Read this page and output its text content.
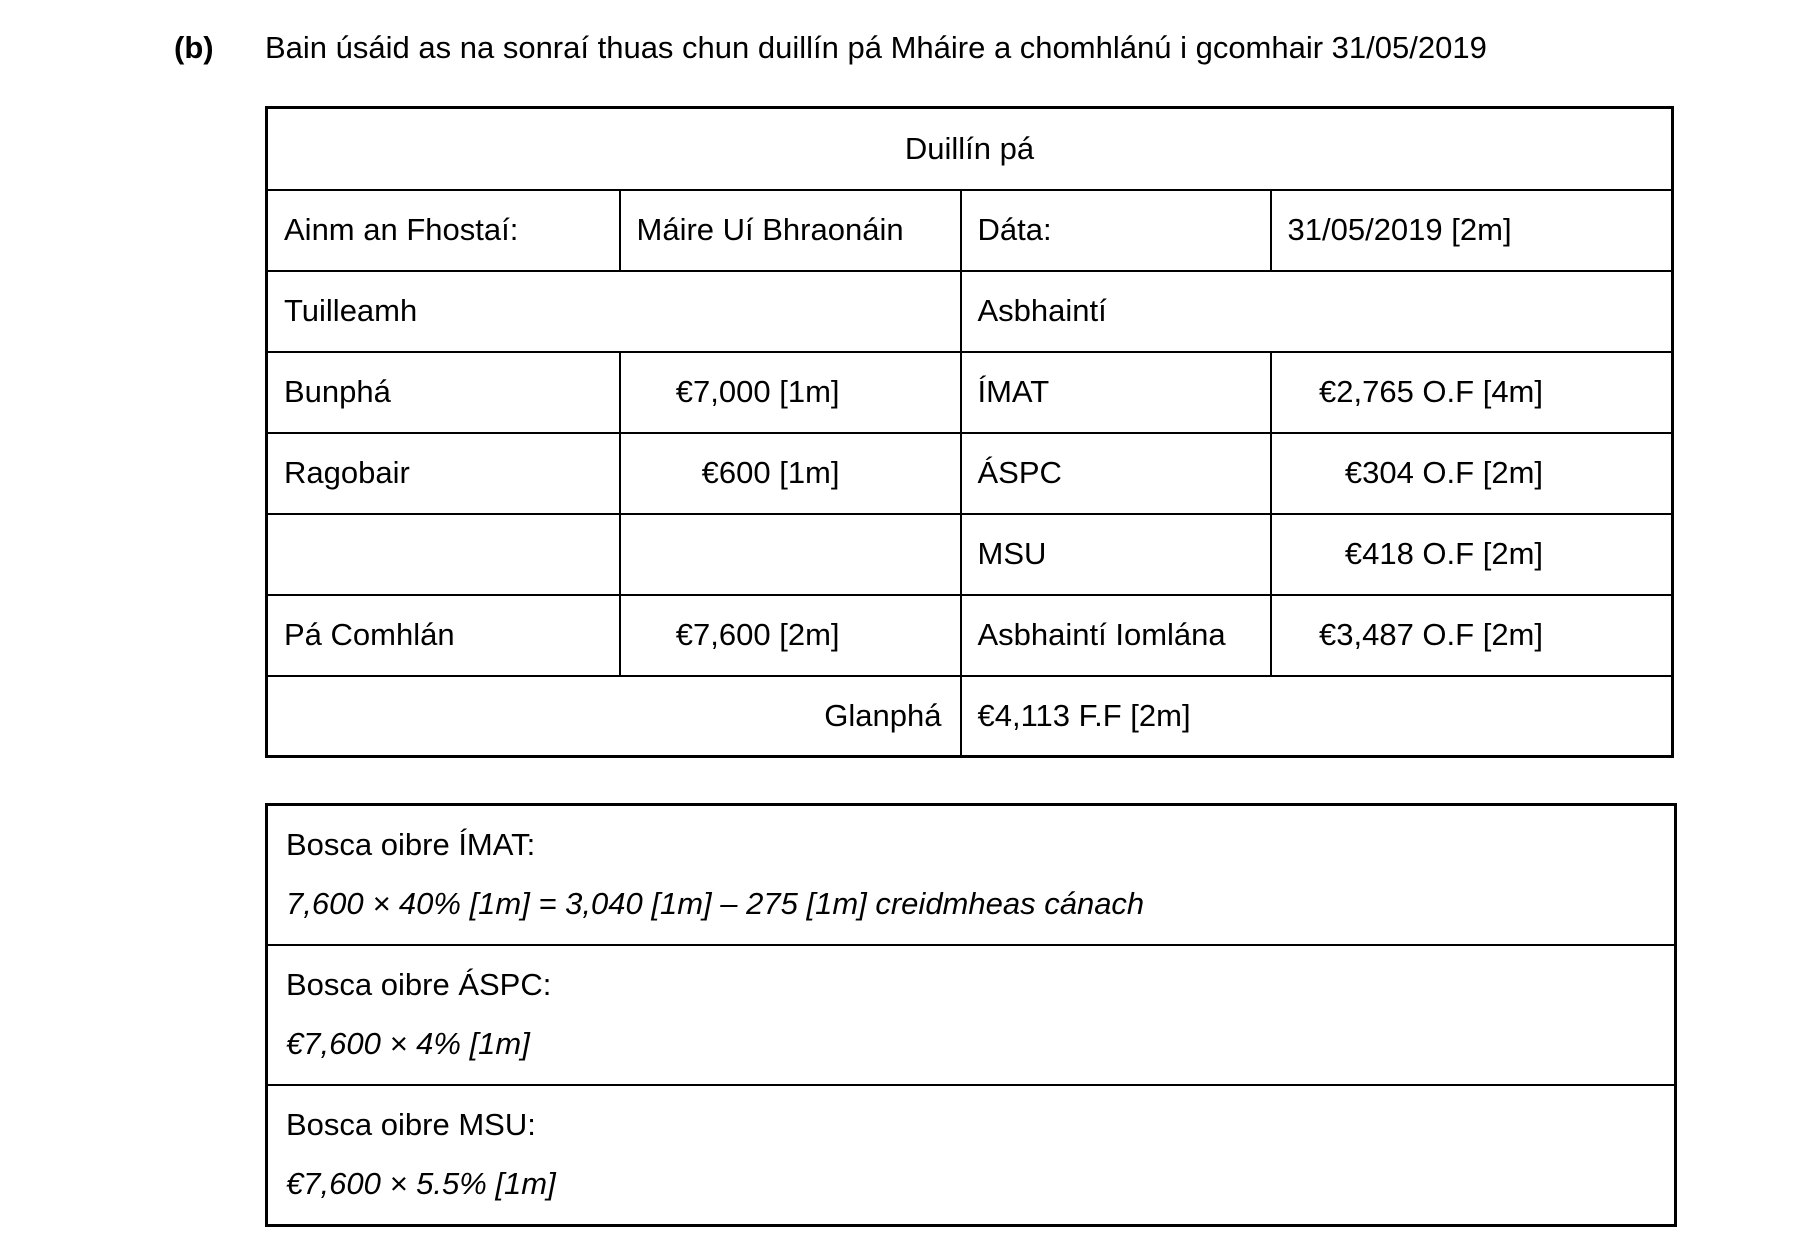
(b) Bain úsáid as na sonraí thuas chun duillín pá Mháire a chomhlánú i gcomhair 31/05/2019
Duillín pá			
Ainm an Fhostaí:	Máire Uí Bhraonáin	Dáta:	31/05/2019 [2m]
Tuilleamh		Asbhaintí	
Bunphá	€7,000 [1m]	ÍMAT	€2,765 O.F [4m]
Ragobair	€600 [1m]	ÁSPC	€304 O.F [2m]
		MSU	€418 O.F [2m]
Pá Comhlán	€7,600 [2m]	Asbhaintí Iomlána	€3,487 O.F [2m]
Glanphá		€4,113 F.F [2m]	
Bosca oibre ÍMAT:
7,600 × 40% [1m] = 3,040 [1m] – 275 [1m] creidmheas cánach

Bosca oibre ÁSPC:
€7,600 × 4% [1m]

Bosca oibre MSU:
€7,600 × 5.5% [1m]
